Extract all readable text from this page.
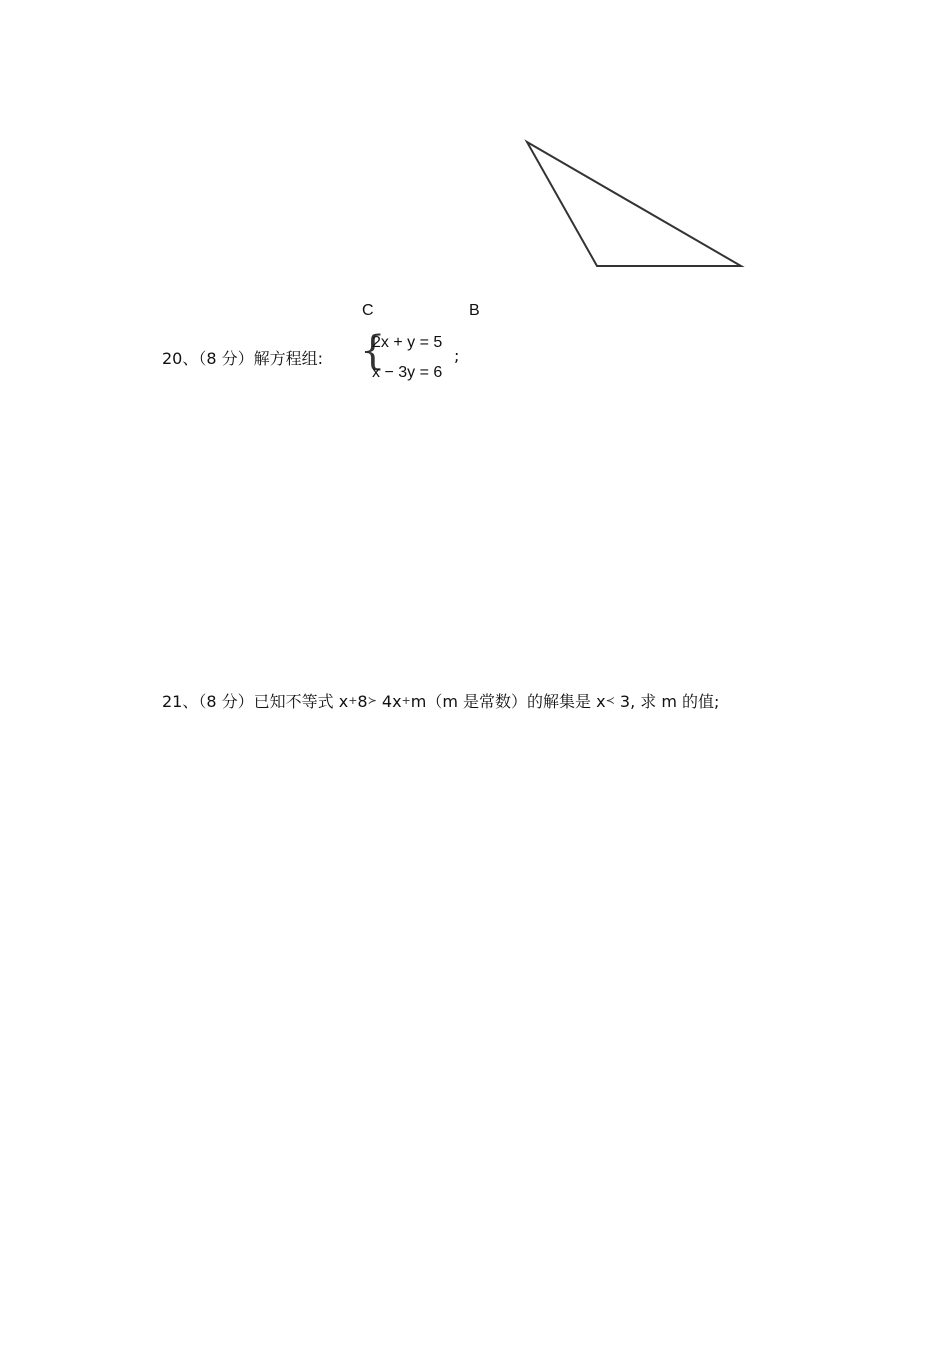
C	B
20、（8 分）解方程组: {
2x + y = 5
x − 3y = 6
;
21、（8 分）已知不等式 x+8≻ 4x+m（m 是常数）的解集是 x≺ 3, 求 m 的值;
